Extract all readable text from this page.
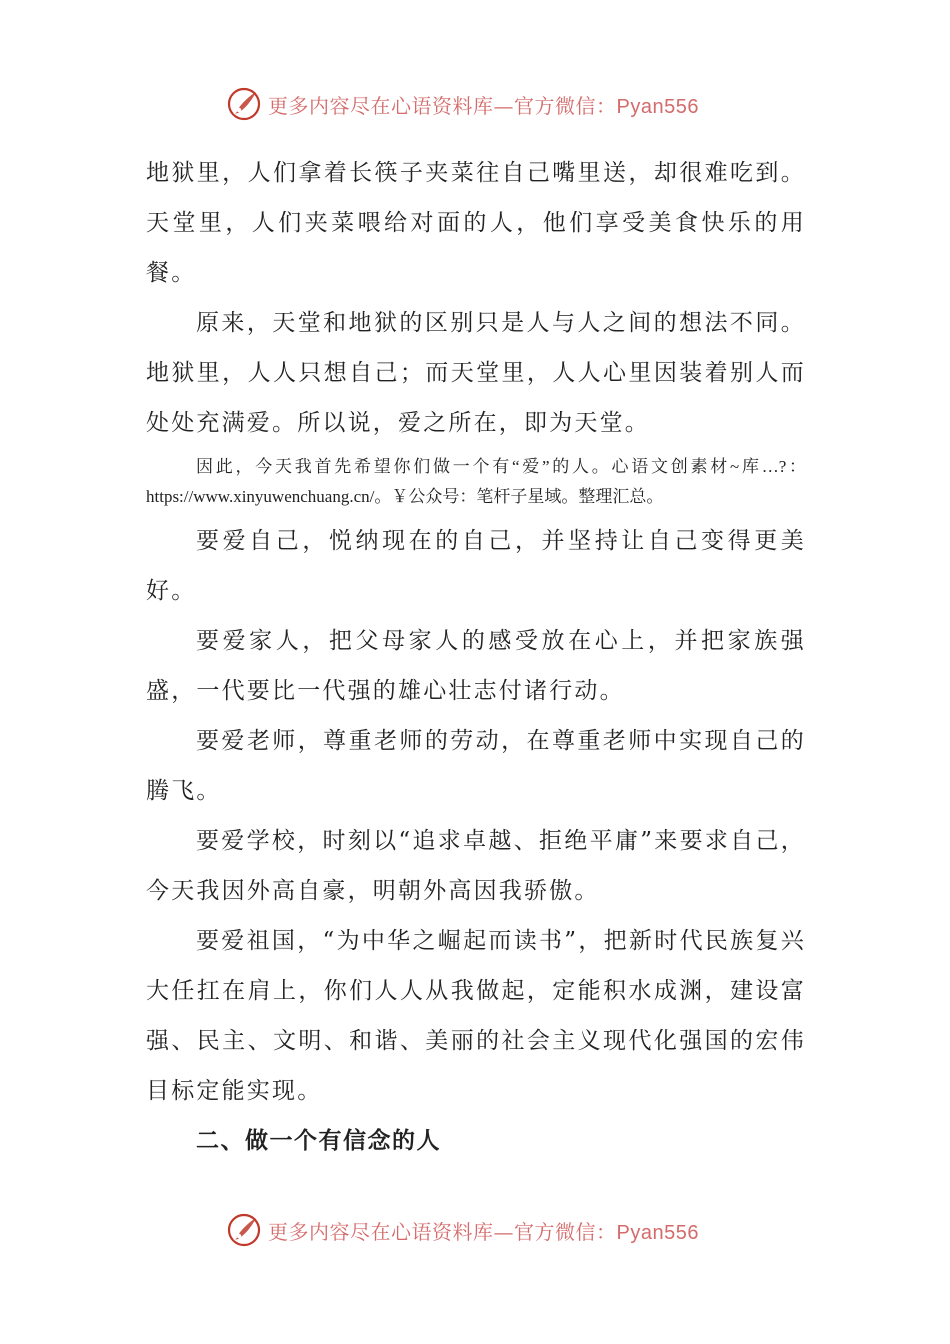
更多内容尽在心语资料库—官方微信：Pyan556

地狱里，人们拿着长筷子夹菜往自己嘴里送，却很难吃到。天堂里，人们夹菜喂给对面的人，他们享受美食快乐的用餐。

原来，天堂和地狱的区别只是人与人之间的想法不同。地狱里，人人只想自己；而天堂里，人人心里因装着别人而处处充满爱。所以说，爱之所在，即为天堂。

因此，今天我首先希望你们做一个有“爱”的人。心语文创素材~库…?：https://www.xinyuwenchuang.cn/。￥公众号：笔杆子星域。整理汇总。

要爱自己，悦纳现在的自己，并坚持让自己变得更美好。

要爱家人，把父母家人的感受放在心上，并把家族强盛，一代要比一代强的雄心壮志付诸行动。

要爱老师，尊重老师的劳动，在尊重老师中实现自己的腾飞。

要爱学校，时刻以“追求卓越、拒绝平庸”来要求自己，今天我因外高自豪，明朝外高因我骄傲。

要爱祖国，“为中华之崛起而读书”，把新时代民族复兴大任扛在肩上，你们人人从我做起，定能积水成渊，建设富强、民主、文明、和谐、美丽的社会主义现代化强国的宏伟目标定能实现。

二、做一个有信念的人

更多内容尽在心语资料库—官方微信：Pyan556
